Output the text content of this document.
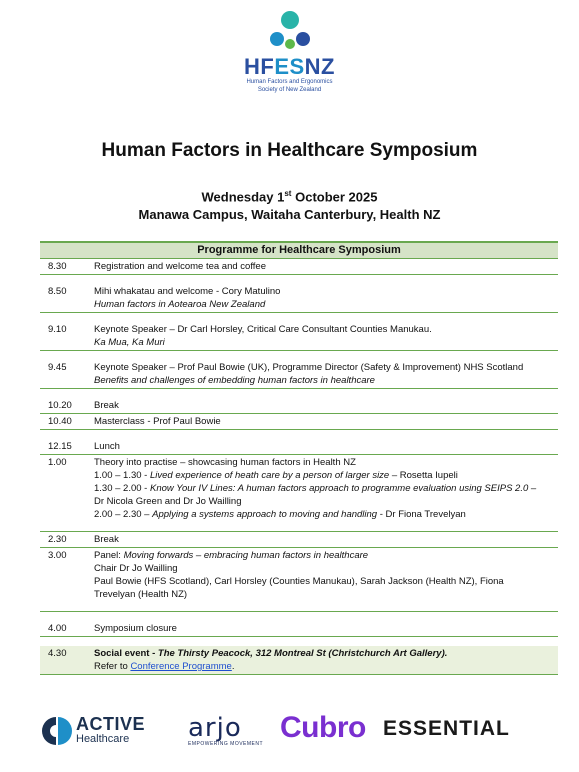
HFESNZ
Human Factors and Ergonomics
Society of New Zealand
Human Factors in Healthcare Symposium
Wednesday 1st October 2025
Manawa Campus, Waitaha Canterbury, Health NZ
Programme for Healthcare Symposium	
8.30	Registration and welcome tea and coffee

8.50	Mihi whakatau and welcome - Cory Matulino
Human factors in Aotearoa New Zealand

9.10	Keynote Speaker – Dr Carl Horsley, Critical Care Consultant Counties Manukau.
Ka Mua, Ka Muri

9.45	Keynote Speaker – Prof Paul Bowie (UK), Programme Director (Safety & Improvement) NHS Scotland
Benefits and challenges of embedding human factors in healthcare

10.20	Break
10.40	Masterclass - Prof Paul Bowie

12.15	Lunch
1.00	Theory into practise – showcasing human factors in Health NZ
1.00 – 1.30 - Lived experience of heath care by a person of larger size – Rosetta Iupeli
1.30 – 2.00 - Know Your IV Lines: A human factors approach to programme evaluation using SEIPS 2.0 –
Dr Nicola Green and Dr Jo Wailling
2.00 – 2.30 – Applying a systems approach to moving and handling - Dr Fiona Trevelyan

2.30	Break
3.00	Panel: Moving forwards – embracing human factors in healthcare
Chair Dr Jo Wailling
Paul Bowie (HFS Scotland), Carl Horsley (Counties Manukau), Sarah Jackson (Health NZ), Fiona
Trevelyan (Health NZ)

4.00	Symposium closure

4.30	Social event - The Thirsty Peacock, 312 Montreal St (Christchurch Art Gallery).
Refer to Conference Programme.

ACTIVE
Healthcare arjo
EMPOWERING MOVEMENT Cubro ESSENTIAL
